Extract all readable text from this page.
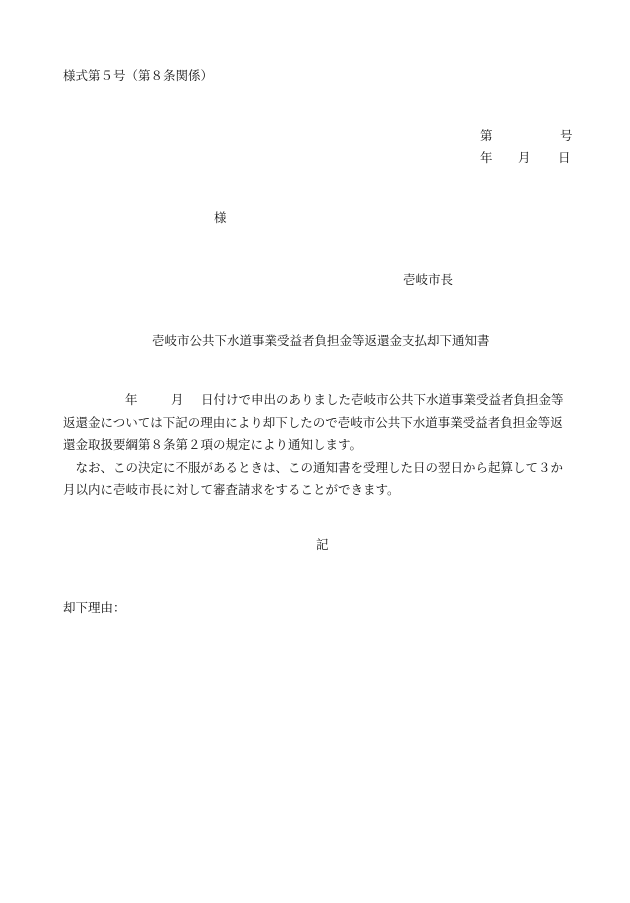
様式第５号（第８条関係）
第	号
年 月 日
様
壱岐市長
壱岐市公共下水道事業受益者負担金等返還金支払却下通知書

年	月 日付けで申出のありました壱岐市公共下水道事業受益者負担金等返還金については下記の理由により却下したので壱岐市公共下水道事業受益者負担金等返還金取扱要綱第８条第２項の規定により通知します。

　なお、この決定に不服があるときは、この通知書を受理した日の翌日から起算して３か月以内に壱岐市長に対して審査請求をすることができます。

記
却下理由：
